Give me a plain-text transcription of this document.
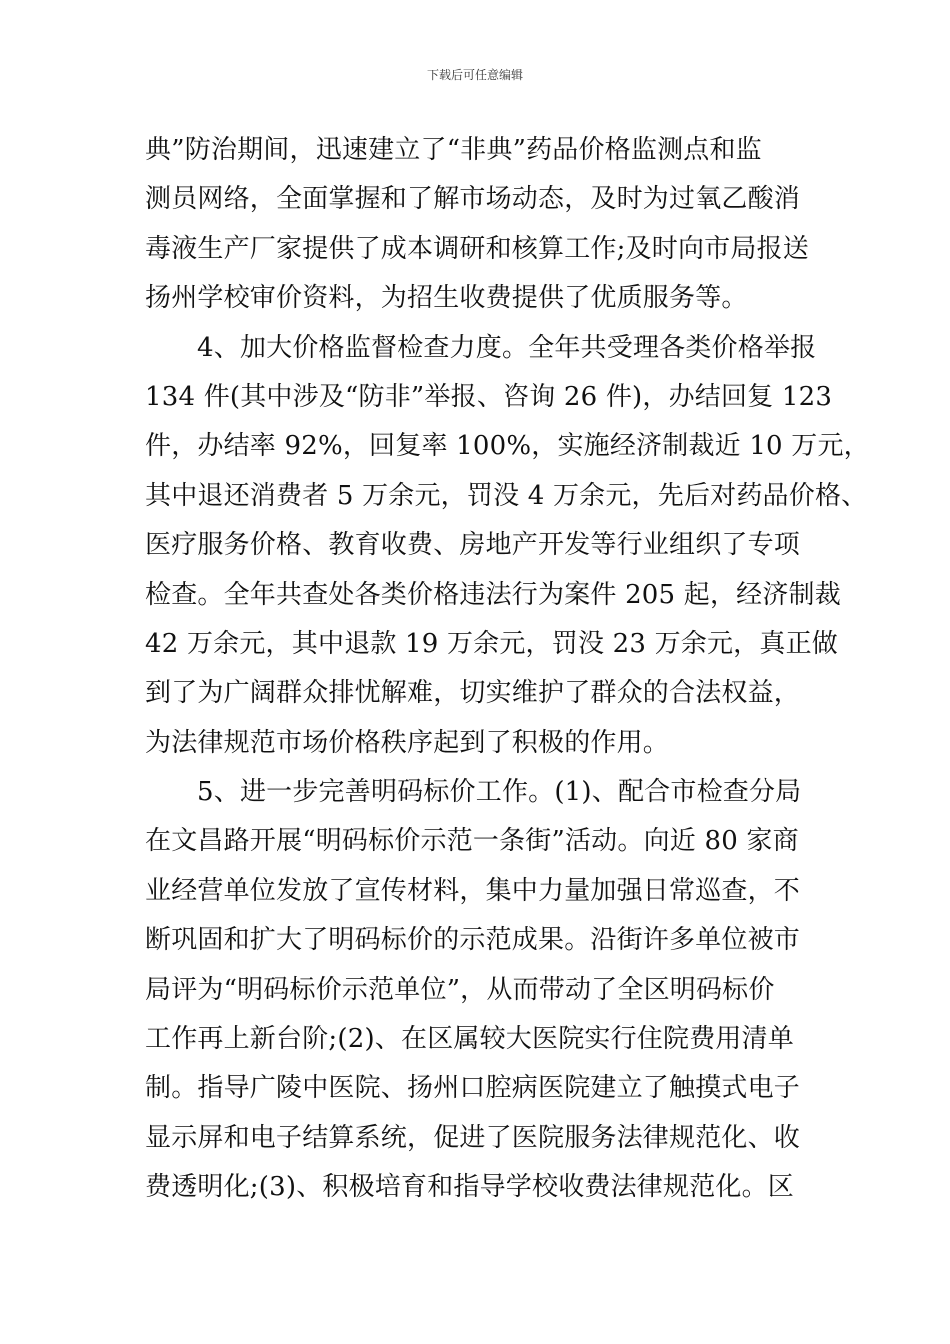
下载后可任意编辑
典”防治期间，迅速建立了“非典”药品价格监测点和监
测员网络，全面掌握和了解市场动态，及时为过氧乙酸消
毒液生产厂家提供了成本调研和核算工作;及时向市局报送
扬州学校审价资料，为招生收费提供了优质服务等。
4、加大价格监督检查力度。全年共受理各类价格举报
134 件(其中涉及“防非”举报、咨询 26 件)，办结回复 123
件，办结率 92%，回复率 100%，实施经济制裁近 10 万元，
其中退还消费者 5 万余元，罚没 4 万余元，先后对药品价格、
医疗服务价格、教育收费、房地产开发等行业组织了专项
检查。全年共查处各类价格违法行为案件 205 起，经济制裁
42 万余元，其中退款 19 万余元，罚没 23 万余元，真正做
到了为广阔群众排忧解难，切实维护了群众的合法权益，
为法律规范市场价格秩序起到了积极的作用。
5、进一步完善明码标价工作。(1)、配合市检查分局
在文昌路开展“明码标价示范一条街”活动。向近 80 家商
业经营单位发放了宣传材料，集中力量加强日常巡查，不
断巩固和扩大了明码标价的示范成果。沿街许多单位被市
局评为“明码标价示范单位”，从而带动了全区明码标价
工作再上新台阶;(2)、在区属较大医院实行住院费用清单
制。指导广陵中医院、扬州口腔病医院建立了触摸式电子
显示屏和电子结算系统，促进了医院服务法律规范化、收
费透明化;(3)、积极培育和指导学校收费法律规范化。区
